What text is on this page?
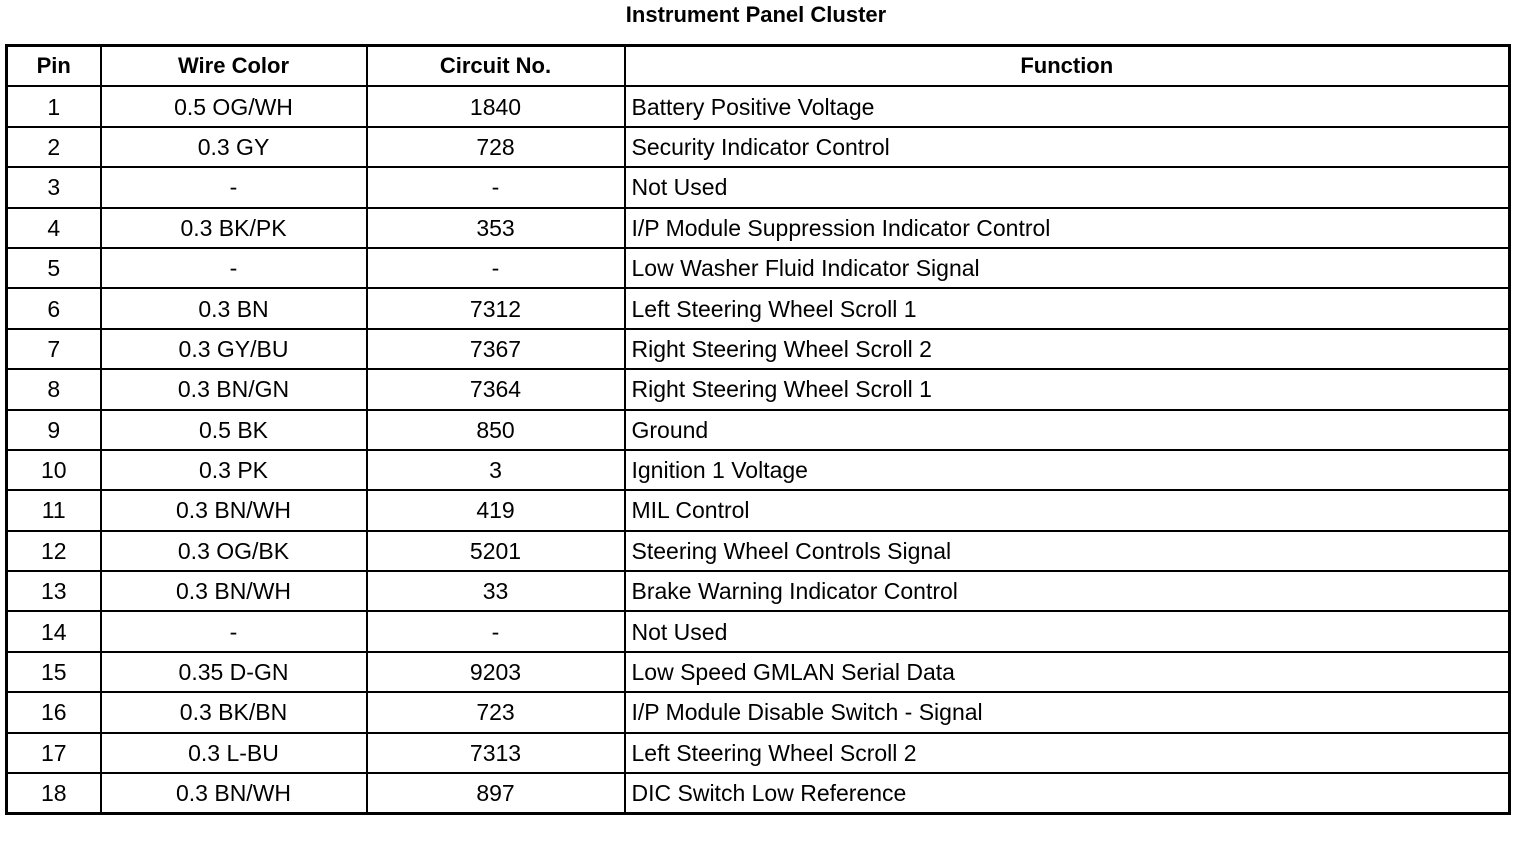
Instrument Panel Cluster
Pin	Wire Color	Circuit No.	Function
1	0.5 OG/WH	1840	Battery Positive Voltage
2	0.3 GY	728	Security Indicator Control
3	-	-	Not Used
4	0.3 BK/PK	353	I/P Module Suppression Indicator Control
5	-	-	Low Washer Fluid Indicator Signal
6	0.3 BN	7312	Left Steering Wheel Scroll 1
7	0.3 GY/BU	7367	Right Steering Wheel Scroll 2
8	0.3 BN/GN	7364	Right Steering Wheel Scroll 1
9	0.5 BK	850	Ground
10	0.3 PK	3	Ignition 1 Voltage
11	0.3 BN/WH	419	MIL Control
12	0.3 OG/BK	5201	Steering Wheel Controls Signal
13	0.3 BN/WH	33	Brake Warning Indicator Control
14	-	-	Not Used
15	0.35 D-GN	9203	Low Speed GMLAN Serial Data
16	0.3 BK/BN	723	I/P Module Disable Switch - Signal
17	0.3 L-BU	7313	Left Steering Wheel Scroll 2
18	0.3 BN/WH	897	DIC Switch Low Reference
